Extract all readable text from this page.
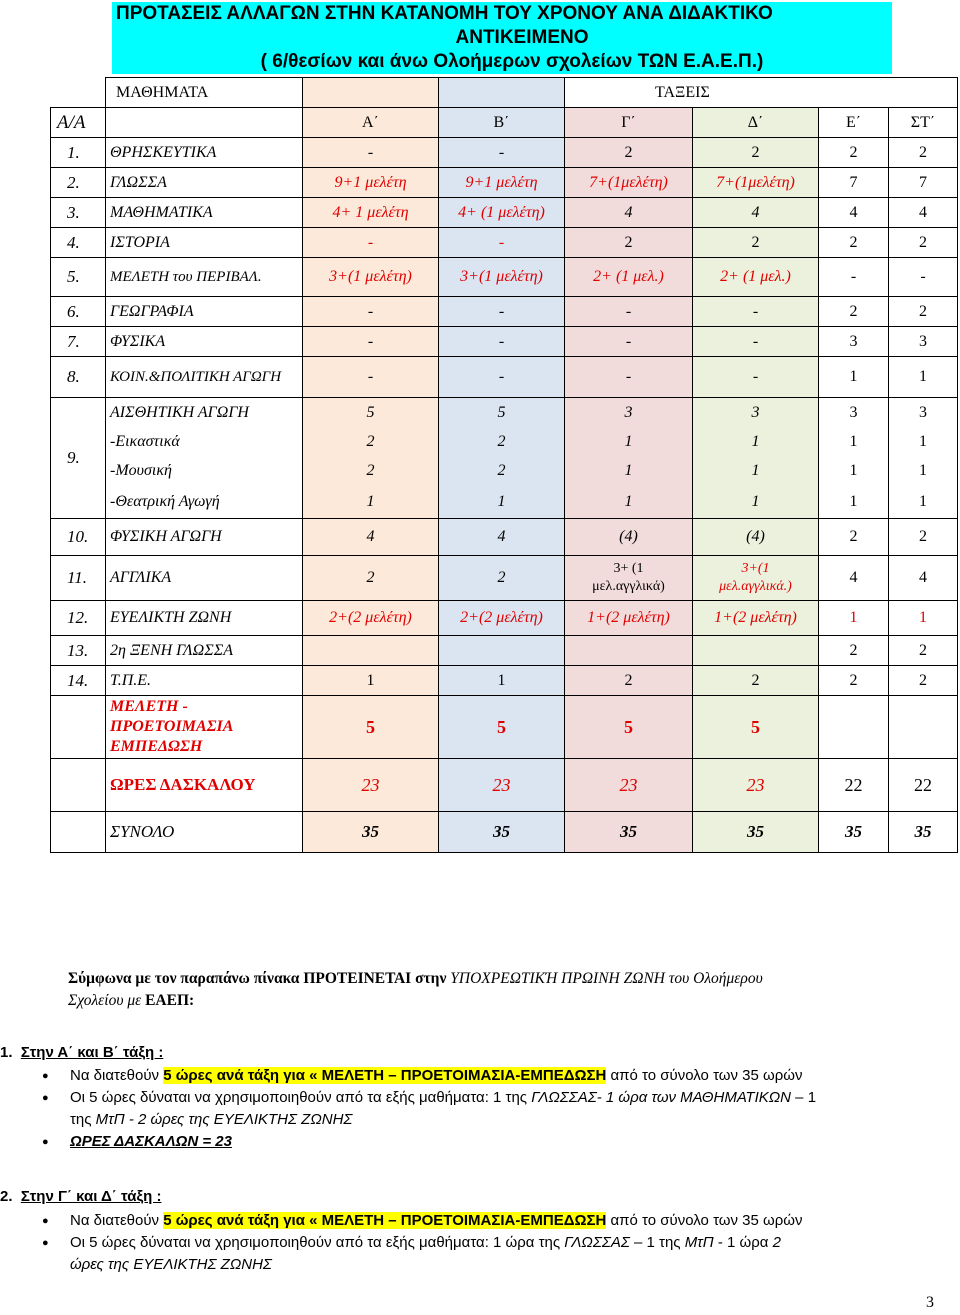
ΠΡΟΤΑΣΕΙΣ ΑΛΛΑΓΩΝ ΣΤΗΝ ΚΑΤΑΝΟΜΗ ΤΟΥ ΧΡΟΝΟΥ ΑΝΑ ΔΙΔΑΚΤΙΚΟ
ΑΝΤΙΚΕΙΜΕΝΟ
( 6/θεσίων και άνω Ολοήμερων σχολείων ΤΩΝ Ε.Α.Ε.Π.)
	ΜΑΘΗΜΑΤΑ			ΤΑΞΕΙΣ			
Α/Α		Α΄	Β΄	Γ΄	Δ΄	Ε΄	ΣΤ΄
1.	ΘΡΗΣΚΕΥΤΙΚΑ	-	-	2	2	2	2
2.	ΓΛΩΣΣΑ	9+1 μελέτη	9+1 μελέτη	7+(1μελέτη)	7+(1μελέτη)	7	7
3.	ΜΑΘΗΜΑΤΙΚΑ	4+ 1 μελέτη	4+ (1 μελέτη)	4	4	4	4
4.	ΙΣΤΟΡΙΑ	-	-	2	2	2	2
5.	ΜΕΛΕΤΗ του ΠΕΡΙΒΑΛ.	3+(1 μελέτη)	3+(1 μελέτη)	2+ (1 μελ.)	2+ (1 μελ.)	-	-
6.	ΓΕΩΓΡΑΦΙΑ	-	-	-	-	2	2
7.	ΦΥΣΙΚΑ	-	-	-	-	3	3
8.	ΚΟΙΝ.&ΠΟΛΙΤΙΚΗ ΑΓΩΓΗ	-	-	-	-	1	1
9.	ΑΙΣΘΗΤΙΚΗ ΑΓΩΓΗ	5	5	3	3	3	3
	-Εικαστικά	2	2	1	1	1	1
	-Μουσική	2	2	1	1	1	1
	-Θεατρική Αγωγή	1	1	1	1	1	1
10.	ΦΥΣΙΚΗ ΑΓΩΓΗ	4	4	(4)	(4)	2	2
11.	ΑΓΓΛΙΚΑ	2	2	3+ (1 μελ.αγγλικά)	3+(1 μελ.αγγλικά.)	4	4
12.	ΕΥΕΛΙΚΤΗ ΖΩΝΗ	2+(2 μελέτη)	2+(2 μελέτη)	1+(2 μελέτη)	1+(2 μελέτη)	1	1
13.	2η ΞΕΝΗ ΓΛΩΣΣΑ					2	2
14.	Τ.Π.Ε.	1	1	2	2	2	2
	ΜΕΛΕΤΗ - ΠΡΟΕΤΟΙΜΑΣΙΑ ΕΜΠΕΔΩΣΗ	5	5	5	5		
	ΩΡΕΣ ΔΑΣΚΑΛΟΥ	23	23	23	23	22	22
	ΣΥΝΟΛΟ	35	35	35	35	35	35
Σύμφωνα με τον παραπάνω πίνακα ΠΡΟΤΕΙΝΕΤΑΙ στην ΥΠΟΧΡΕΩΤΙΚΉ ΠΡΩΙΝΗ ΖΩΝΗ του Ολοήμερου
Σχολείου με ΕΑΕΠ:
1. Στην Α΄ και Β΄ τάξη :
● Να διατεθούν 5 ώρες ανά τάξη για « ΜΕΛΕΤΗ – ΠΡΟΕΤΟΙΜΑΣΙΑ-ΕΜΠΕΔΩΣΗ από το σύνολο των 35 ωρών
● Οι 5 ώρες δύναται να χρησιμοποιηθούν από τα εξής μαθήματα: 1 της ΓΛΩΣΣΑΣ- 1 ώρα των ΜΑΘΗΜΑΤΙΚΩΝ – 1
της ΜτΠ - 2 ώρες της ΕΥΕΛΙΚΤΗΣ ΖΩΝΗΣ
● ΩΡΕΣ ΔΑΣΚΑΛΩΝ = 23
2. Στην Γ΄ και Δ΄ τάξη :
● Να διατεθούν 5 ώρες ανά τάξη για « ΜΕΛΕΤΗ – ΠΡΟΕΤΟΙΜΑΣΙΑ-ΕΜΠΕΔΩΣΗ από το σύνολο των 35 ωρών
● Οι 5 ώρες δύναται να χρησιμοποιηθούν από τα εξής μαθήματα: 1 ώρα της ΓΛΩΣΣΑΣ – 1 της ΜτΠ - 1 ώρα 2
ώρες της ΕΥΕΛΙΚΤΗΣ ΖΩΝΗΣ
3
